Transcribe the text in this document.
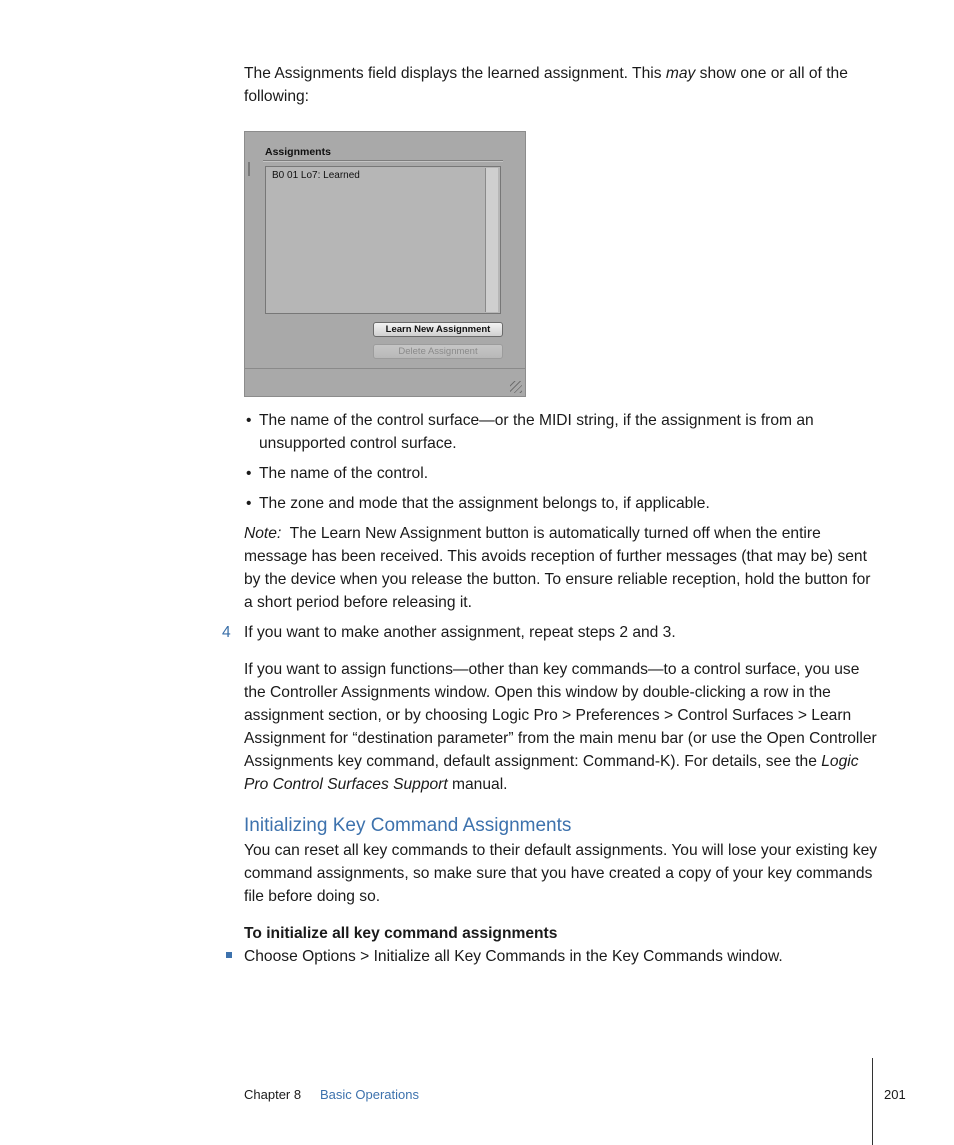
The Assignments field displays the learned assignment. This may show one or all of the following:

Assignments
B0 01 Lo7: Learned
Learn New Assignment
Delete Assignment
• The name of the control surface—or the MIDI string, if the assignment is from an unsupported control surface.

• The name of the control.

• The zone and mode that the assignment belongs to, if applicable.

Note: The Learn New Assignment button is automatically turned off when the entire message has been received. This avoids reception of further messages (that may be) sent by the device when you release the button. To ensure reliable reception, hold the button for a short period before releasing it.

4 If you want to make another assignment, repeat steps 2 and 3.

If you want to assign functions—other than key commands—to a control surface, you use the Controller Assignments window. Open this window by double-clicking a row in the assignment section, or by choosing Logic Pro > Preferences > Control Surfaces > Learn Assignment for “destination parameter” from the main menu bar (or use the Open Controller Assignments key command, default assignment: Command-K). For details, see the Logic Pro Control Surfaces Support manual.

Initializing Key Command Assignments

You can reset all key commands to their default assignments. You will lose your existing key command assignments, so make sure that you have created a copy of your key commands file before doing so.

To initialize all key command assignments

Choose Options > Initialize all Key Commands in the Key Commands window.

Chapter 8 Basic Operations	201
